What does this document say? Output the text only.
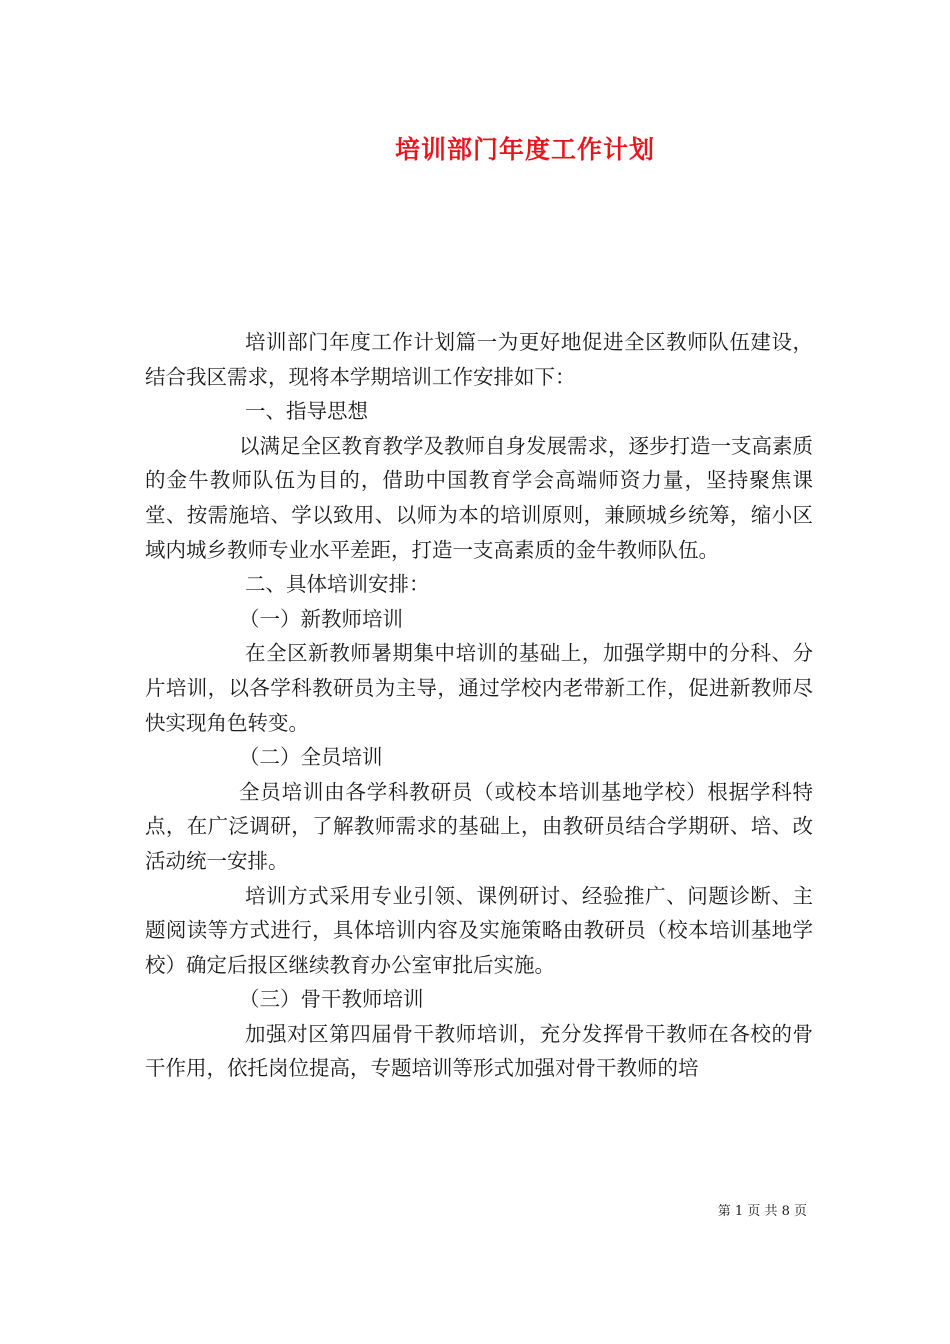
培训部门年度工作计划

培训部门年度工作计划篇一为更好地促进全区教师队伍建设，结合我区需求，现将本学期培训工作安排如下：

一、指导思想

以满足全区教育教学及教师自身发展需求，逐步打造一支高素质的金牛教师队伍为目的，借助中国教育学会高端师资力量，坚持聚焦课堂、按需施培、学以致用、以师为本的培训原则，兼顾城乡统筹，缩小区域内城乡教师专业水平差距，打造一支高素质的金牛教师队伍。

二、具体培训安排：

（一）新教师培训

在全区新教师暑期集中培训的基础上，加强学期中的分科、分片培训，以各学科教研员为主导，通过学校内老带新工作，促进新教师尽快实现角色转变。

（二）全员培训

全员培训由各学科教研员（或校本培训基地学校）根据学科特点，在广泛调研，了解教师需求的基础上，由教研员结合学期研、培、改活动统一安排。

培训方式采用专业引领、课例研讨、经验推广、问题诊断、主题阅读等方式进行，具体培训内容及实施策略由教研员（校本培训基地学校）确定后报区继续教育办公室审批后实施。

（三）骨干教师培训

加强对区第四届骨干教师培训，充分发挥骨干教师在各校的骨干作用，依托岗位提高，专题培训等形式加强对骨干教师的培

第 1 页 共 8 页
